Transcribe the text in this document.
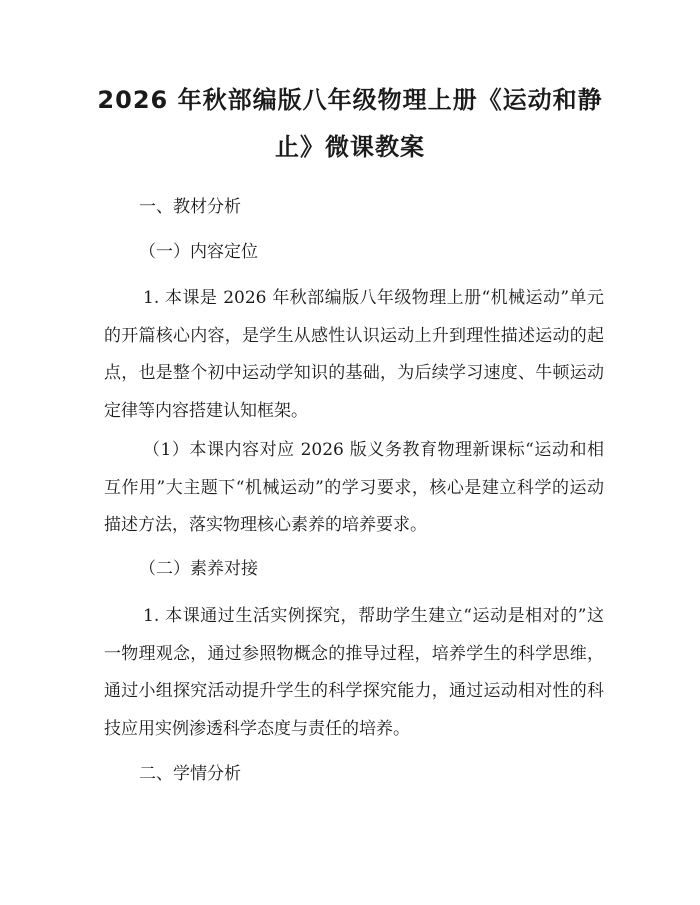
2026 年秋部编版八年级物理上册《运动和静
止》微课教案
一、教材分析
（一）内容定位
1. 本课是 2026 年秋部编版八年级物理上册“机械运动”单元的开篇核心内容，是学生从感性认识运动上升到理性描述运动的起点，也是整个初中运动学知识的基础，为后续学习速度、牛顿运动定律等内容搭建认知框架。
（1）本课内容对应 2026 版义务教育物理新课标“运动和相互作用”大主题下“机械运动”的学习要求，核心是建立科学的运动描述方法，落实物理核心素养的培养要求。
（二）素养对接
1. 本课通过生活实例探究，帮助学生建立“运动是相对的”这一物理观念，通过参照物概念的推导过程，培养学生的科学思维，通过小组探究活动提升学生的科学探究能力，通过运动相对性的科技应用实例渗透科学态度与责任的培养。
二、学情分析
